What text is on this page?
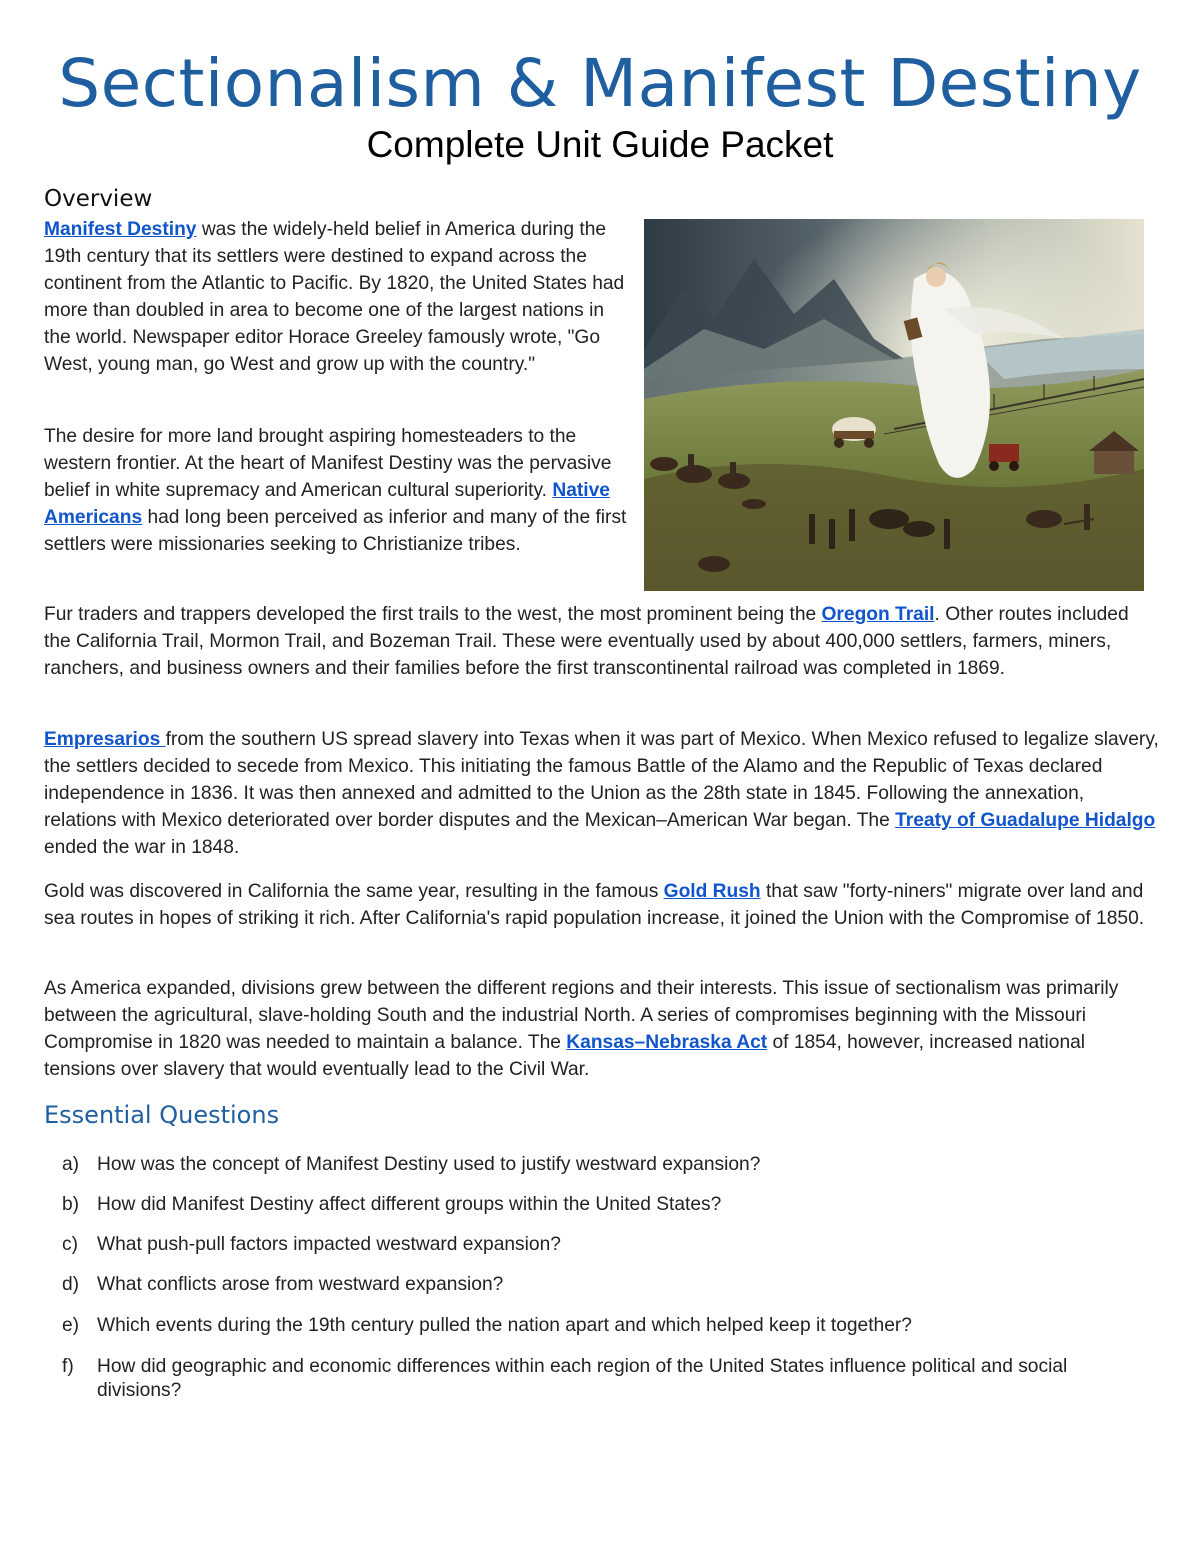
Sectionalism & Manifest Destiny
Complete Unit Guide Packet
Overview

Manifest Destiny was the widely-held belief in America during the 19th century that its settlers were destined to expand across the continent from the Atlantic to Pacific. By 1820, the United States had more than doubled in area to become one of the largest nations in the world. Newspaper editor Horace Greeley famously wrote, "Go West, young man, go West and grow up with the country."

The desire for more land brought aspiring homesteaders to the western frontier. At the heart of Manifest Destiny was the pervasive belief in white supremacy and American cultural superiority. Native Americans had long been perceived as inferior and many of the first settlers were missionaries seeking to Christianize tribes.

Fur traders and trappers developed the first trails to the west, the most prominent being the Oregon Trail. Other routes included the California Trail, Mormon Trail, and Bozeman Trail. These were eventually used by about 400,000 settlers, farmers, miners, ranchers, and business owners and their families before the first transcontinental railroad was completed in 1869.

Empresarios from the southern US spread slavery into Texas when it was part of Mexico. When Mexico refused to legalize slavery, the settlers decided to secede from Mexico. This initiating the famous Battle of the Alamo and the Republic of Texas declared independence in 1836. It was then annexed and admitted to the Union as the 28th state in 1845. Following the annexation, relations with Mexico deteriorated over border disputes and the Mexican–American War began. The Treaty of Guadalupe Hidalgo ended the war in 1848.

Gold was discovered in California the same year, resulting in the famous Gold Rush that saw "forty-niners" migrate over land and sea routes in hopes of striking it rich. After California's rapid population increase, it joined the Union with the Compromise of 1850.

As America expanded, divisions grew between the different regions and their interests. This issue of sectionalism was primarily between the agricultural, slave-holding South and the industrial North. A series of compromises beginning with the Missouri Compromise in 1820 was needed to maintain a balance. The Kansas–Nebraska Act of 1854, however, increased national tensions over slavery that would eventually lead to the Civil War.

Essential Questions
a) How was the concept of Manifest Destiny used to justify westward expansion?
b) How did Manifest Destiny affect different groups within the United States?
c) What push-pull factors impacted westward expansion?
d) What conflicts arose from westward expansion?
e) Which events during the 19th century pulled the nation apart and which helped keep it together?
f)	How did geographic and economic differences within each region of the United States influence political and social divisions?
